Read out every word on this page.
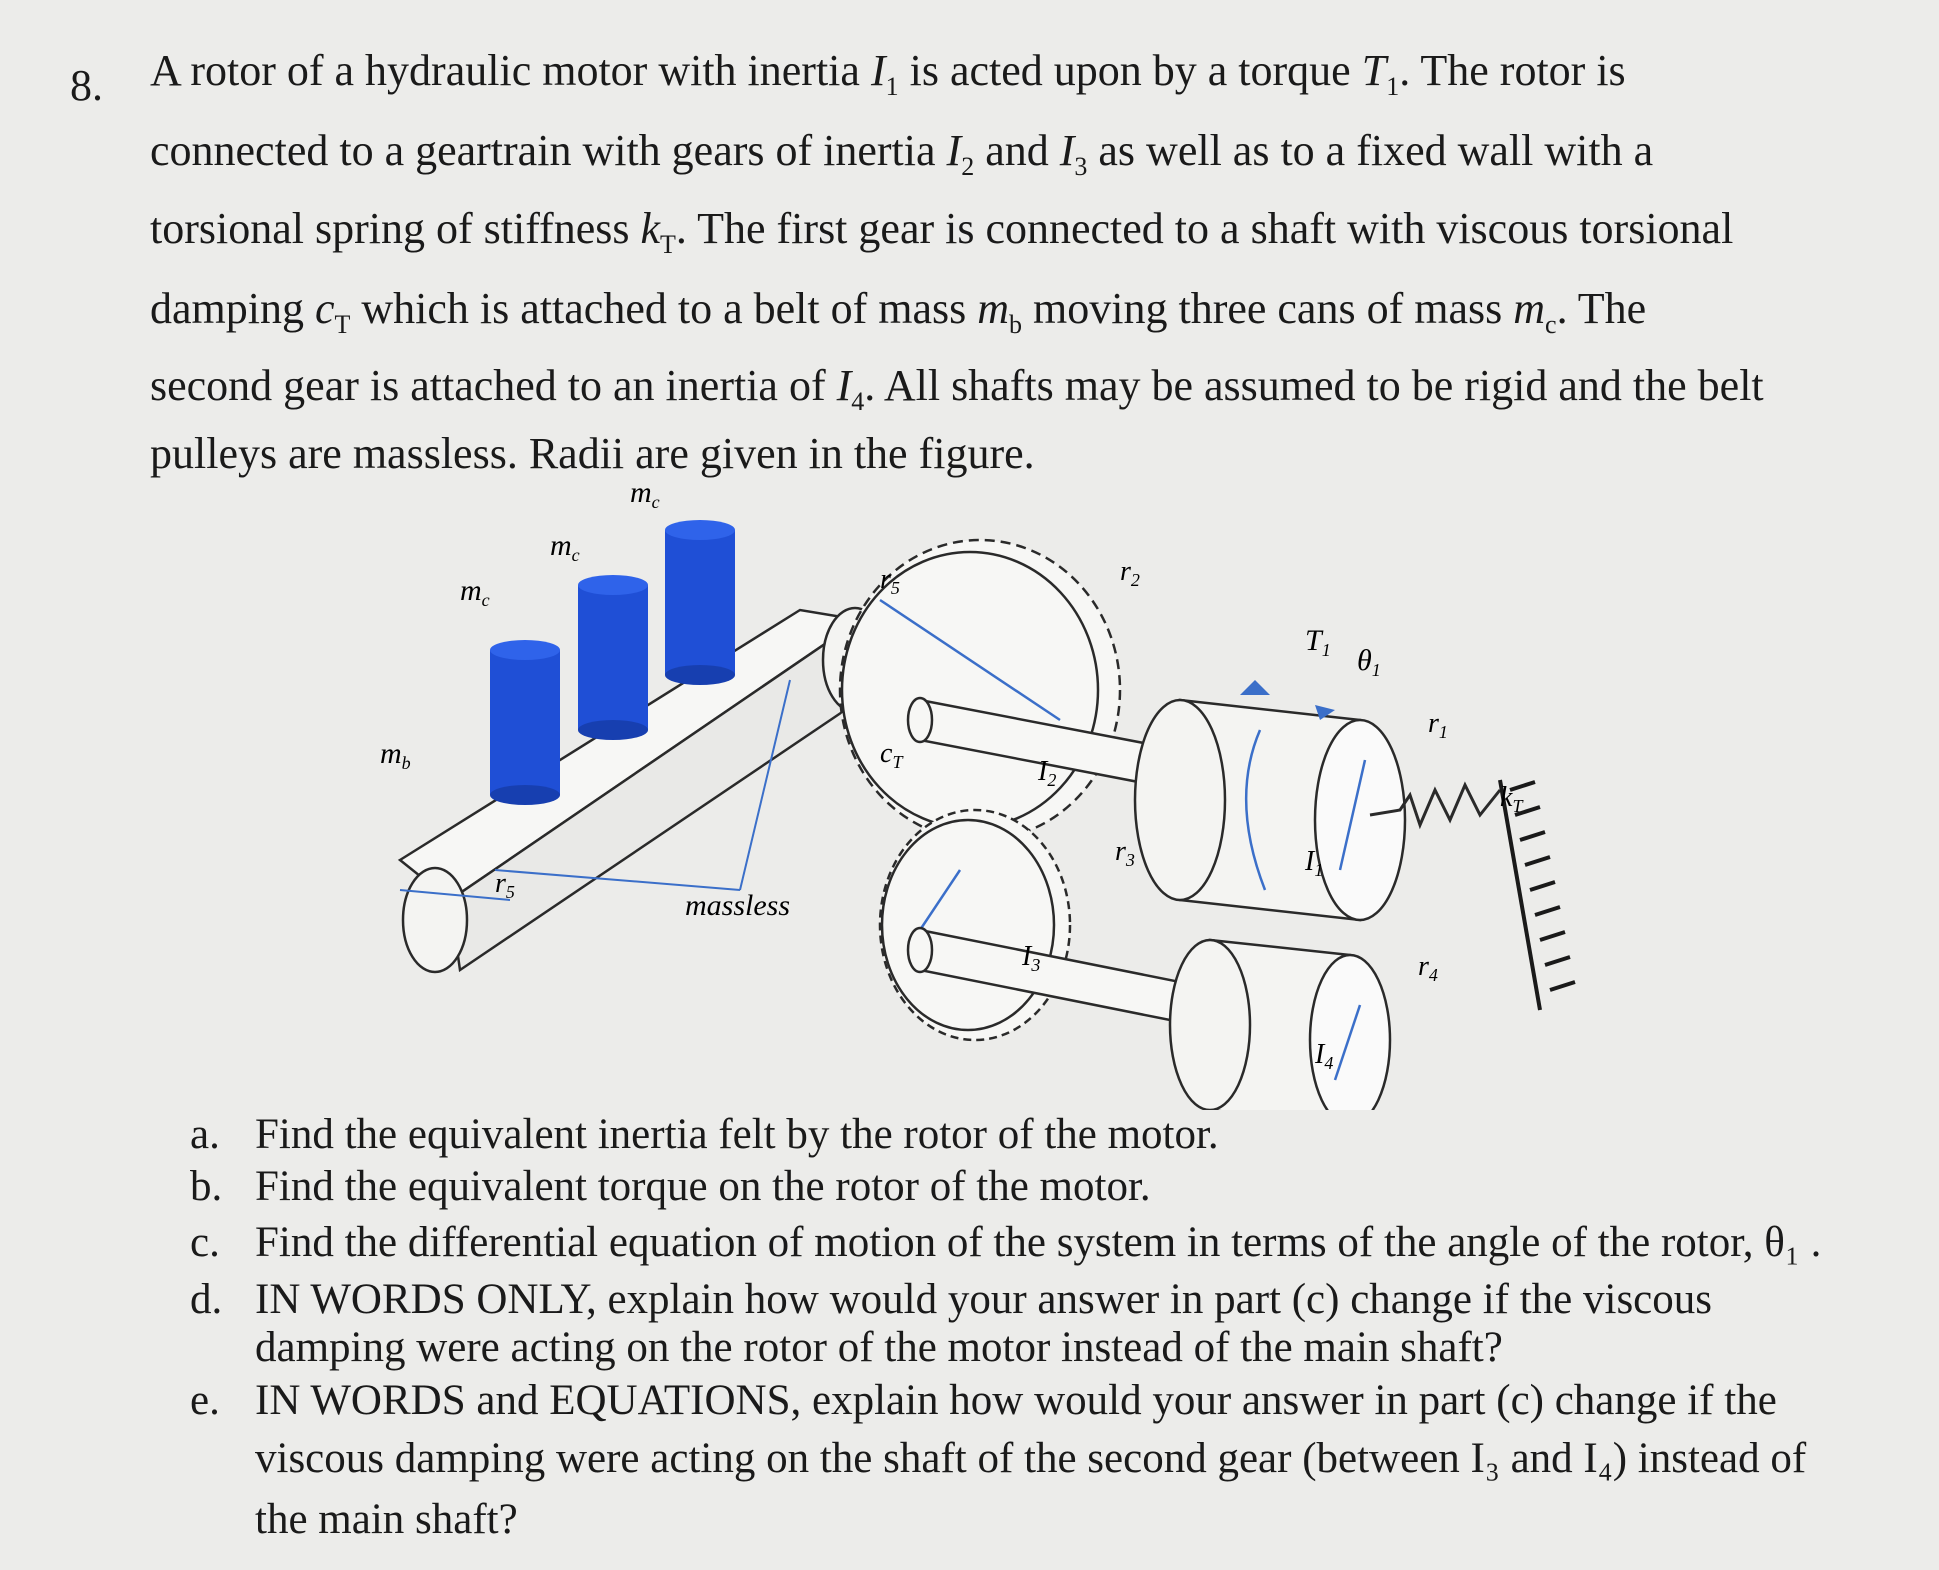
8. A rotor of a hydraulic motor with inertia $I_1$ is acted upon by a torque $T_1$. The rotor is
connected to a geartrain with gears of inertia $I_2$ and $I_3$ as well as to a fixed wall with a
torsional spring of stiffness $k_T$. The first gear is connected to a shaft with viscous torsional
damping $c_T$ which is attached to a belt of mass $m_b$ moving three cans of mass $m_c$. The
second gear is attached to an inertia of $I_4$. All shafts may be assumed to be rigid and the belt
pulleys are massless. Radii are given in the figure.
$m_c$
$m_c$
$m_c$
$m_b$
$r_5$
$r_5$
$c_T$
massless
$r_2$
$I_2$
$r_3$
$I_3$
$T_1$ $\theta_1$
$r_1$
$k_T$
$I_1$
$r_4$
$I_4$
a. Find the equivalent inertia felt by the rotor of the motor.
b. Find the equivalent torque on the rotor of the motor.
c. Find the differential equation of motion of the system in terms of the angle of the rotor, θ₁ .
d. IN WORDS ONLY, explain how would your answer in part (c) change if the viscous
damping were acting on the rotor of the motor instead of the main shaft?
e. IN WORDS and EQUATIONS, explain how would your answer in part (c) change if the
viscous damping were acting on the shaft of the second gear (between I₃ and I₄) instead of
the main shaft?
